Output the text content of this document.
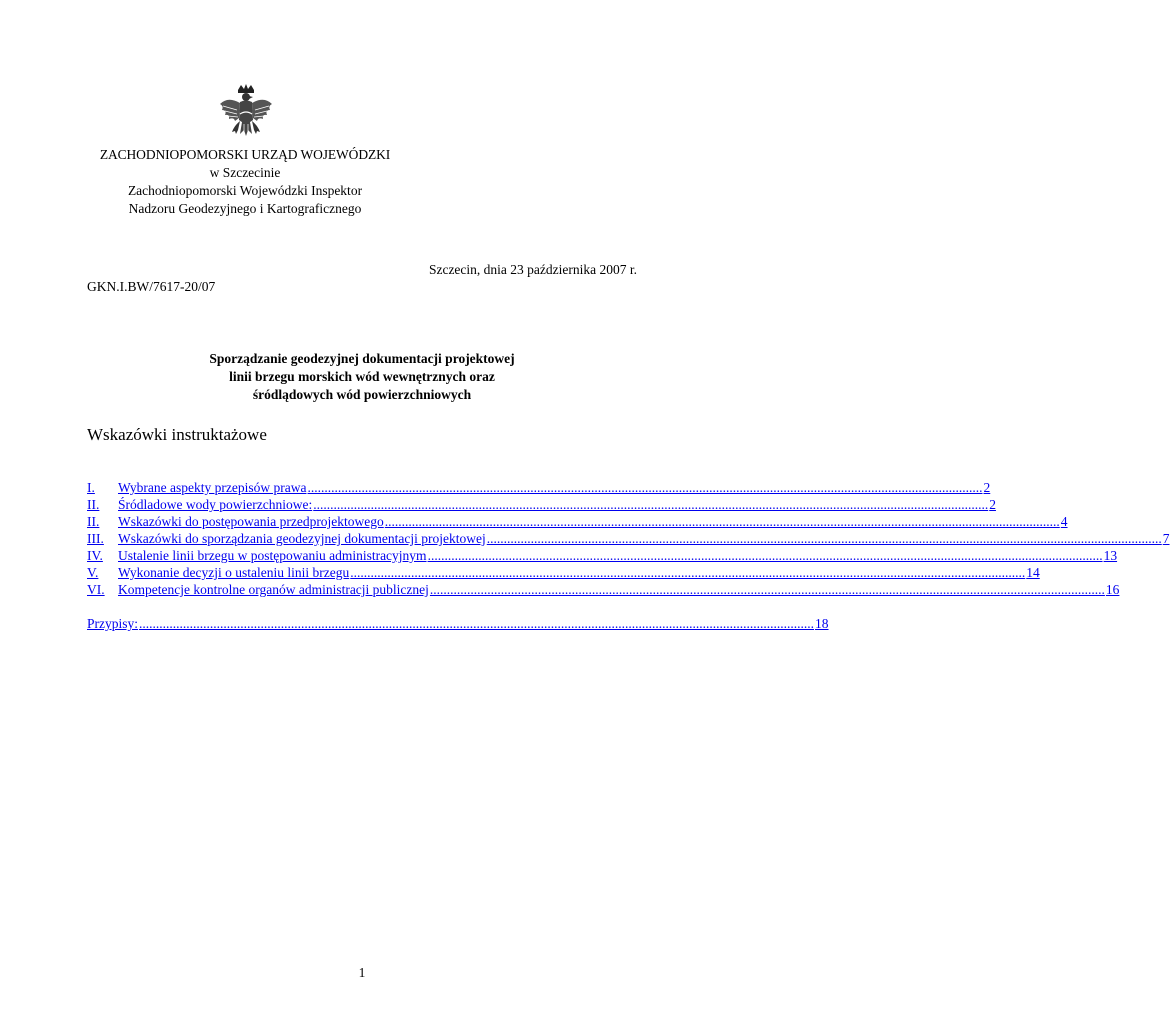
ZACHODNIOPOMORSKI URZĄD WOJEWÓDZKI
w Szczecinie
Zachodniopomorski Wojewódzki Inspektor
Nadzoru Geodezyjnego i Kartograficznego
Szczecin, dnia 23 października 2007 r.
GKN.I.BW/7617-20/07
Sporządzanie geodezyjnej dokumentacji projektowej
linii brzegu morskich wód wewnętrznych oraz
śródlądowych wód powierzchniowych
Wskazówki instruktażowe
I.	Wybrane aspekty przepisów prawa ........................................................................................................................................................................................................ 2
II.	Śródladowe wody powierzchniowe: ........................................................................................................................................................................................................ 2
II.	Wskazówki do postępowania przedprojektowego ........................................................................................................................................................................................................ 4
III.	Wskazówki do sporządzania geodezyjnej dokumentacji projektowej ........................................................................................................................................................................................................ 7
IV.	Ustalenie linii brzegu w postępowaniu administracyjnym ........................................................................................................................................................................................................ 13
V.	Wykonanie decyzji o ustaleniu linii brzegu ........................................................................................................................................................................................................ 14
VI. Kompetencje kontrolne organów administracji publicznej ........................................................................................................................................................................................................ 16
Przypisy: ........................................................................................................................................................................................................ 18
1
